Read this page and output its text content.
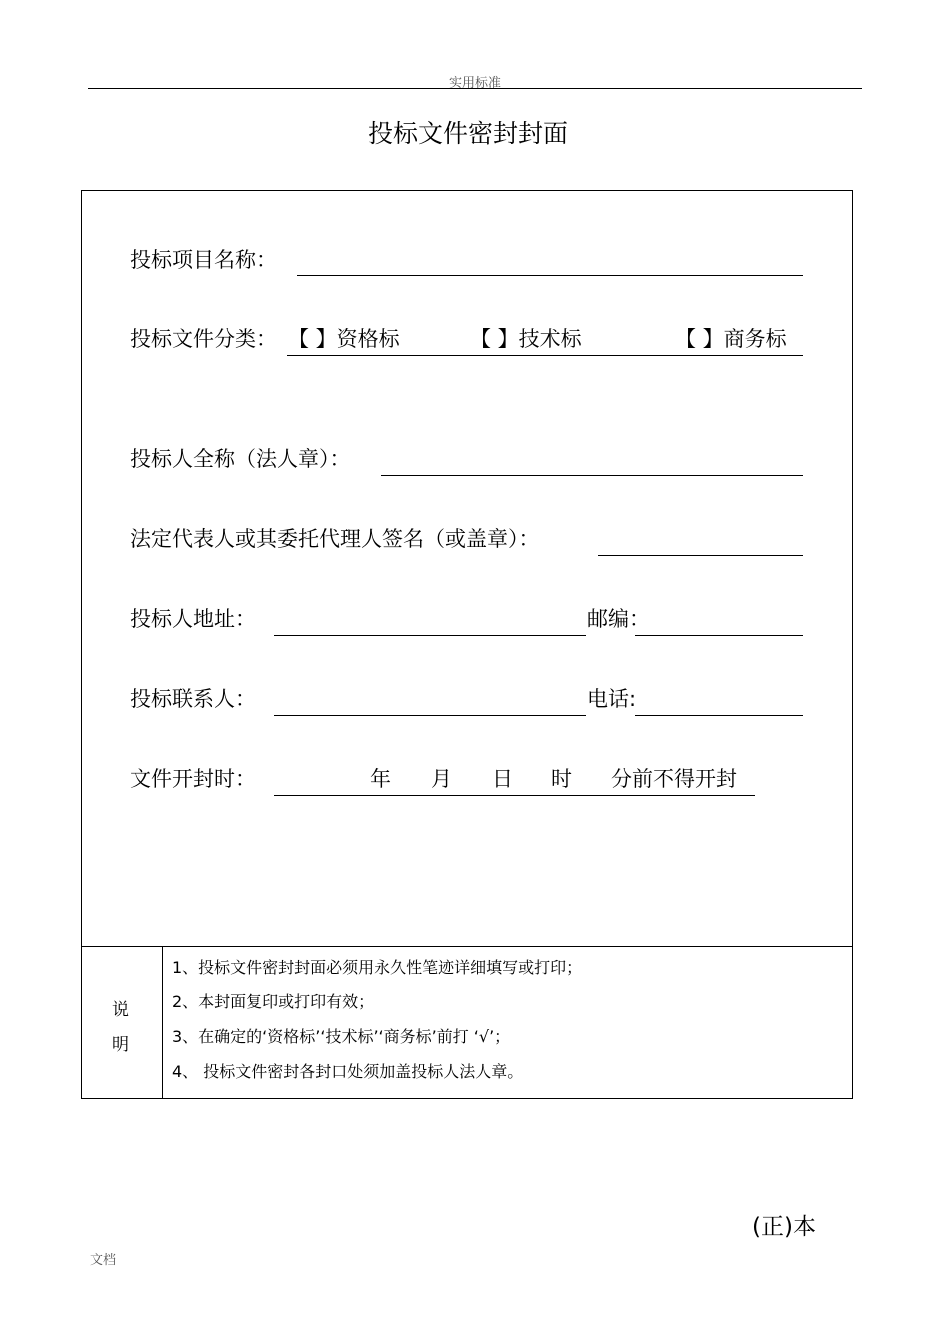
实用标准
投标文件密封封面
投标项目名称：
投标文件分类： 【 】资格标	【 】技术标	【 】商务标
投标人全称（法人章）：
法定代表人或其委托代理人签名（或盖章）：
投标人地址：	邮编：
投标联系人：	电话:
文件开封时：	年 月 日 时 分前不得开封
说
明
1、投标文件密封封面必须用永久性笔迹详细填写或打印；
2、本封面复印或打印有效；
3、在确定的‘资格标’‘技术标’‘商务标’前打 ‘√’；
4、 投标文件密封各封口处须加盖投标人法人章。
(正)本
文档
